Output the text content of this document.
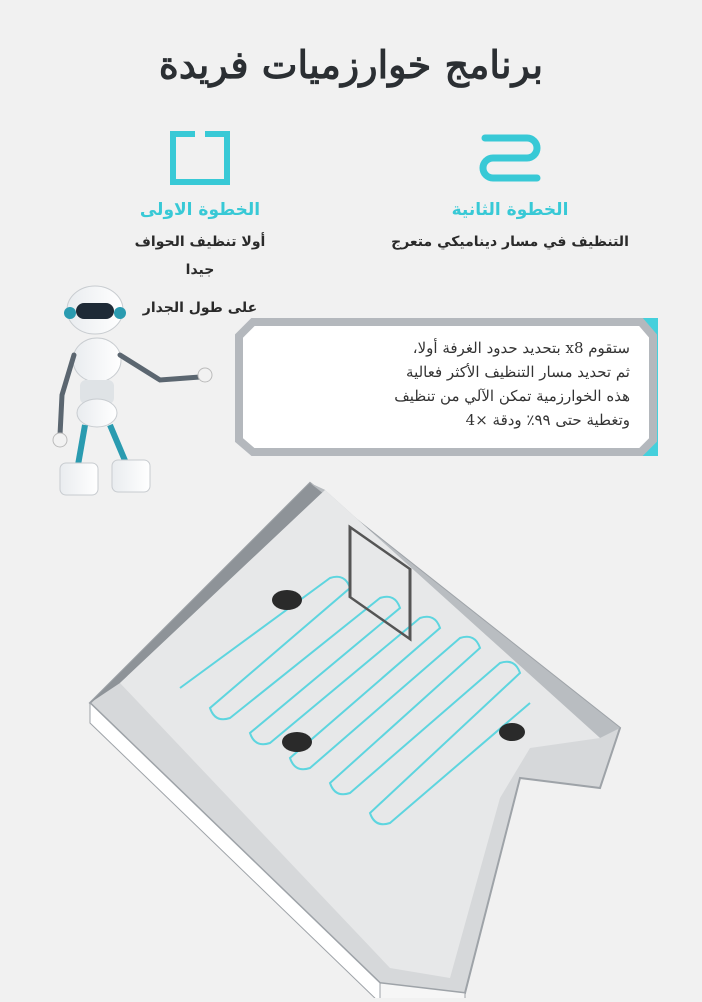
برنامج خوارزميات فريدة
الخطوة الاولى
أولا تنظيف الحواف جيدا
على طول الجدار
الخطوة الثانية
التنظيف في مسار ديناميكي متعرج
ستقوم x8 بتحديد حدود الغرفة أولا،
ثم تحديد مسار التنظيف الأكثر فعالية
هذه الخوارزمية تمكن الآلي من تنظيف
وتغطية حتى ٩٩٪ ودقة ×4
